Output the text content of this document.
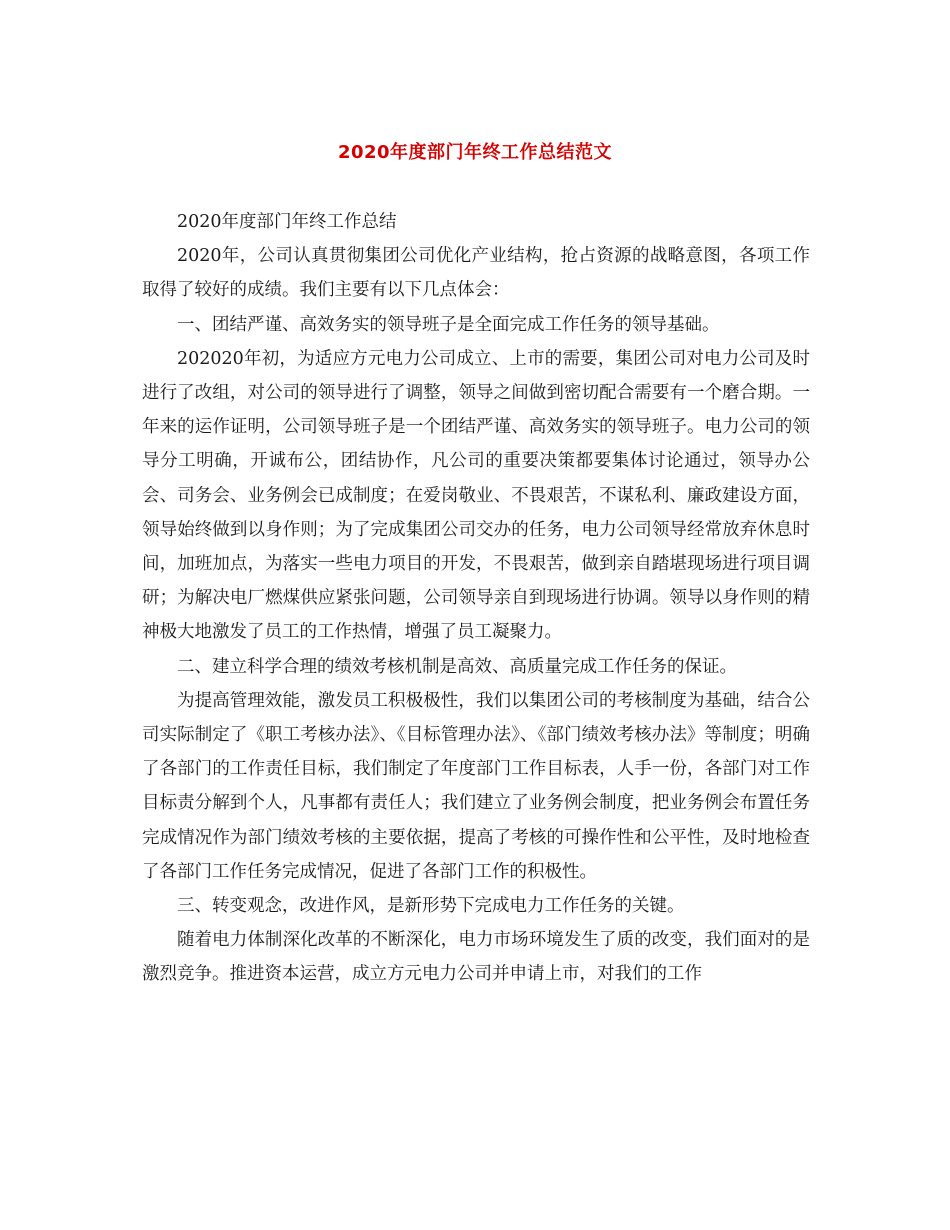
2020年度部门年终工作总结范文

2020年度部门年终工作总结

2020年，公司认真贯彻集团公司优化产业结构，抢占资源的战略意图，各项工作取得了较好的成绩。我们主要有以下几点体会：

一、团结严谨、高效务实的领导班子是全面完成工作任务的领导基础。

202020年初，为适应方元电力公司成立、上市的需要，集团公司对电力公司及时进行了改组，对公司的领导进行了调整，领导之间做到密切配合需要有一个磨合期。一年来的运作证明，公司领导班子是一个团结严谨、高效务实的领导班子。电力公司的领导分工明确，开诚布公，团结协作，凡公司的重要决策都要集体讨论通过，领导办公会、司务会、业务例会已成制度；在爱岗敬业、不畏艰苦，不谋私利、廉政建设方面，领导始终做到以身作则；为了完成集团公司交办的任务，电力公司领导经常放弃休息时间，加班加点，为落实一些电力项目的开发，不畏艰苦，做到亲自踏堪现场进行项目调研；为解决电厂燃煤供应紧张问题，公司领导亲自到现场进行协调。领导以身作则的精神极大地激发了员工的工作热情，增强了员工凝聚力。

二、建立科学合理的绩效考核机制是高效、高质量完成工作任务的保证。

为提高管理效能，激发员工积极极性，我们以集团公司的考核制度为基础，结合公司实际制定了《职工考核办法》、《目标管理办法》、《部门绩效考核办法》等制度；明确了各部门的工作责任目标，我们制定了年度部门工作目标表，人手一份，各部门对工作目标责分解到个人，凡事都有责任人；我们建立了业务例会制度，把业务例会布置任务完成情况作为部门绩效考核的主要依据，提高了考核的可操作性和公平性，及时地检查了各部门工作任务完成情况，促进了各部门工作的积极性。

三、转变观念，改进作风，是新形势下完成电力工作任务的关键。

随着电力体制深化改革的不断深化，电力市场环境发生了质的改变，我们面对的是激烈竞争。推进资本运营，成立方元电力公司并申请上市，对我们的工作
